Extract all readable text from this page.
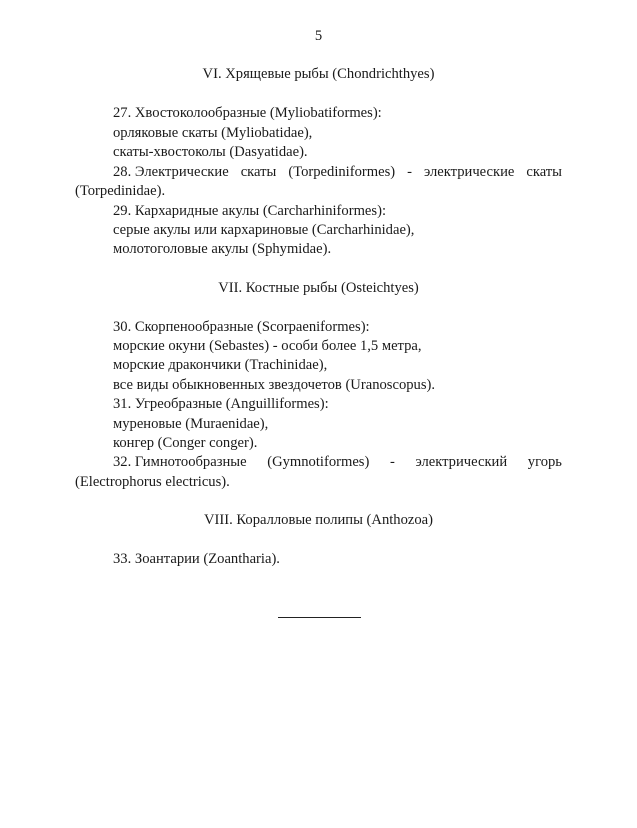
5
VI. Хрящевые рыбы (Chondrichthyes)
27. Хвостоколообразные (Myliobatiformes):
орляковые скаты (Myliobatidae),
скаты-хвостоколы (Dasyatidae).
28. Электрические скаты (Torpediniformes) - электрические скаты
(Torpedinidae).
29. Кархаридные акулы (Carcharhiniformes):
серые акулы или кархариновые (Carcharhinidae),
молотоголовые акулы (Sphymidae).
VII. Костные рыбы (Osteichtyes)
30. Скорпенообразные (Scorpaeniformes):
морские окуни (Sebastes) - особи более 1,5 метра,
морские дракончики (Trachinidae),
все виды обыкновенных звездочетов (Uranoscopus).
31. Угреобразные (Anguilliformes):
муреновые (Muraenidae),
конгер (Conger conger).
32. Гимнотообразные (Gymnotiformes) - электрический угорь
(Electrophorus electricus).
VIII. Коралловые полипы (Anthozoa)
33. Зоантарии (Zoantharia).
